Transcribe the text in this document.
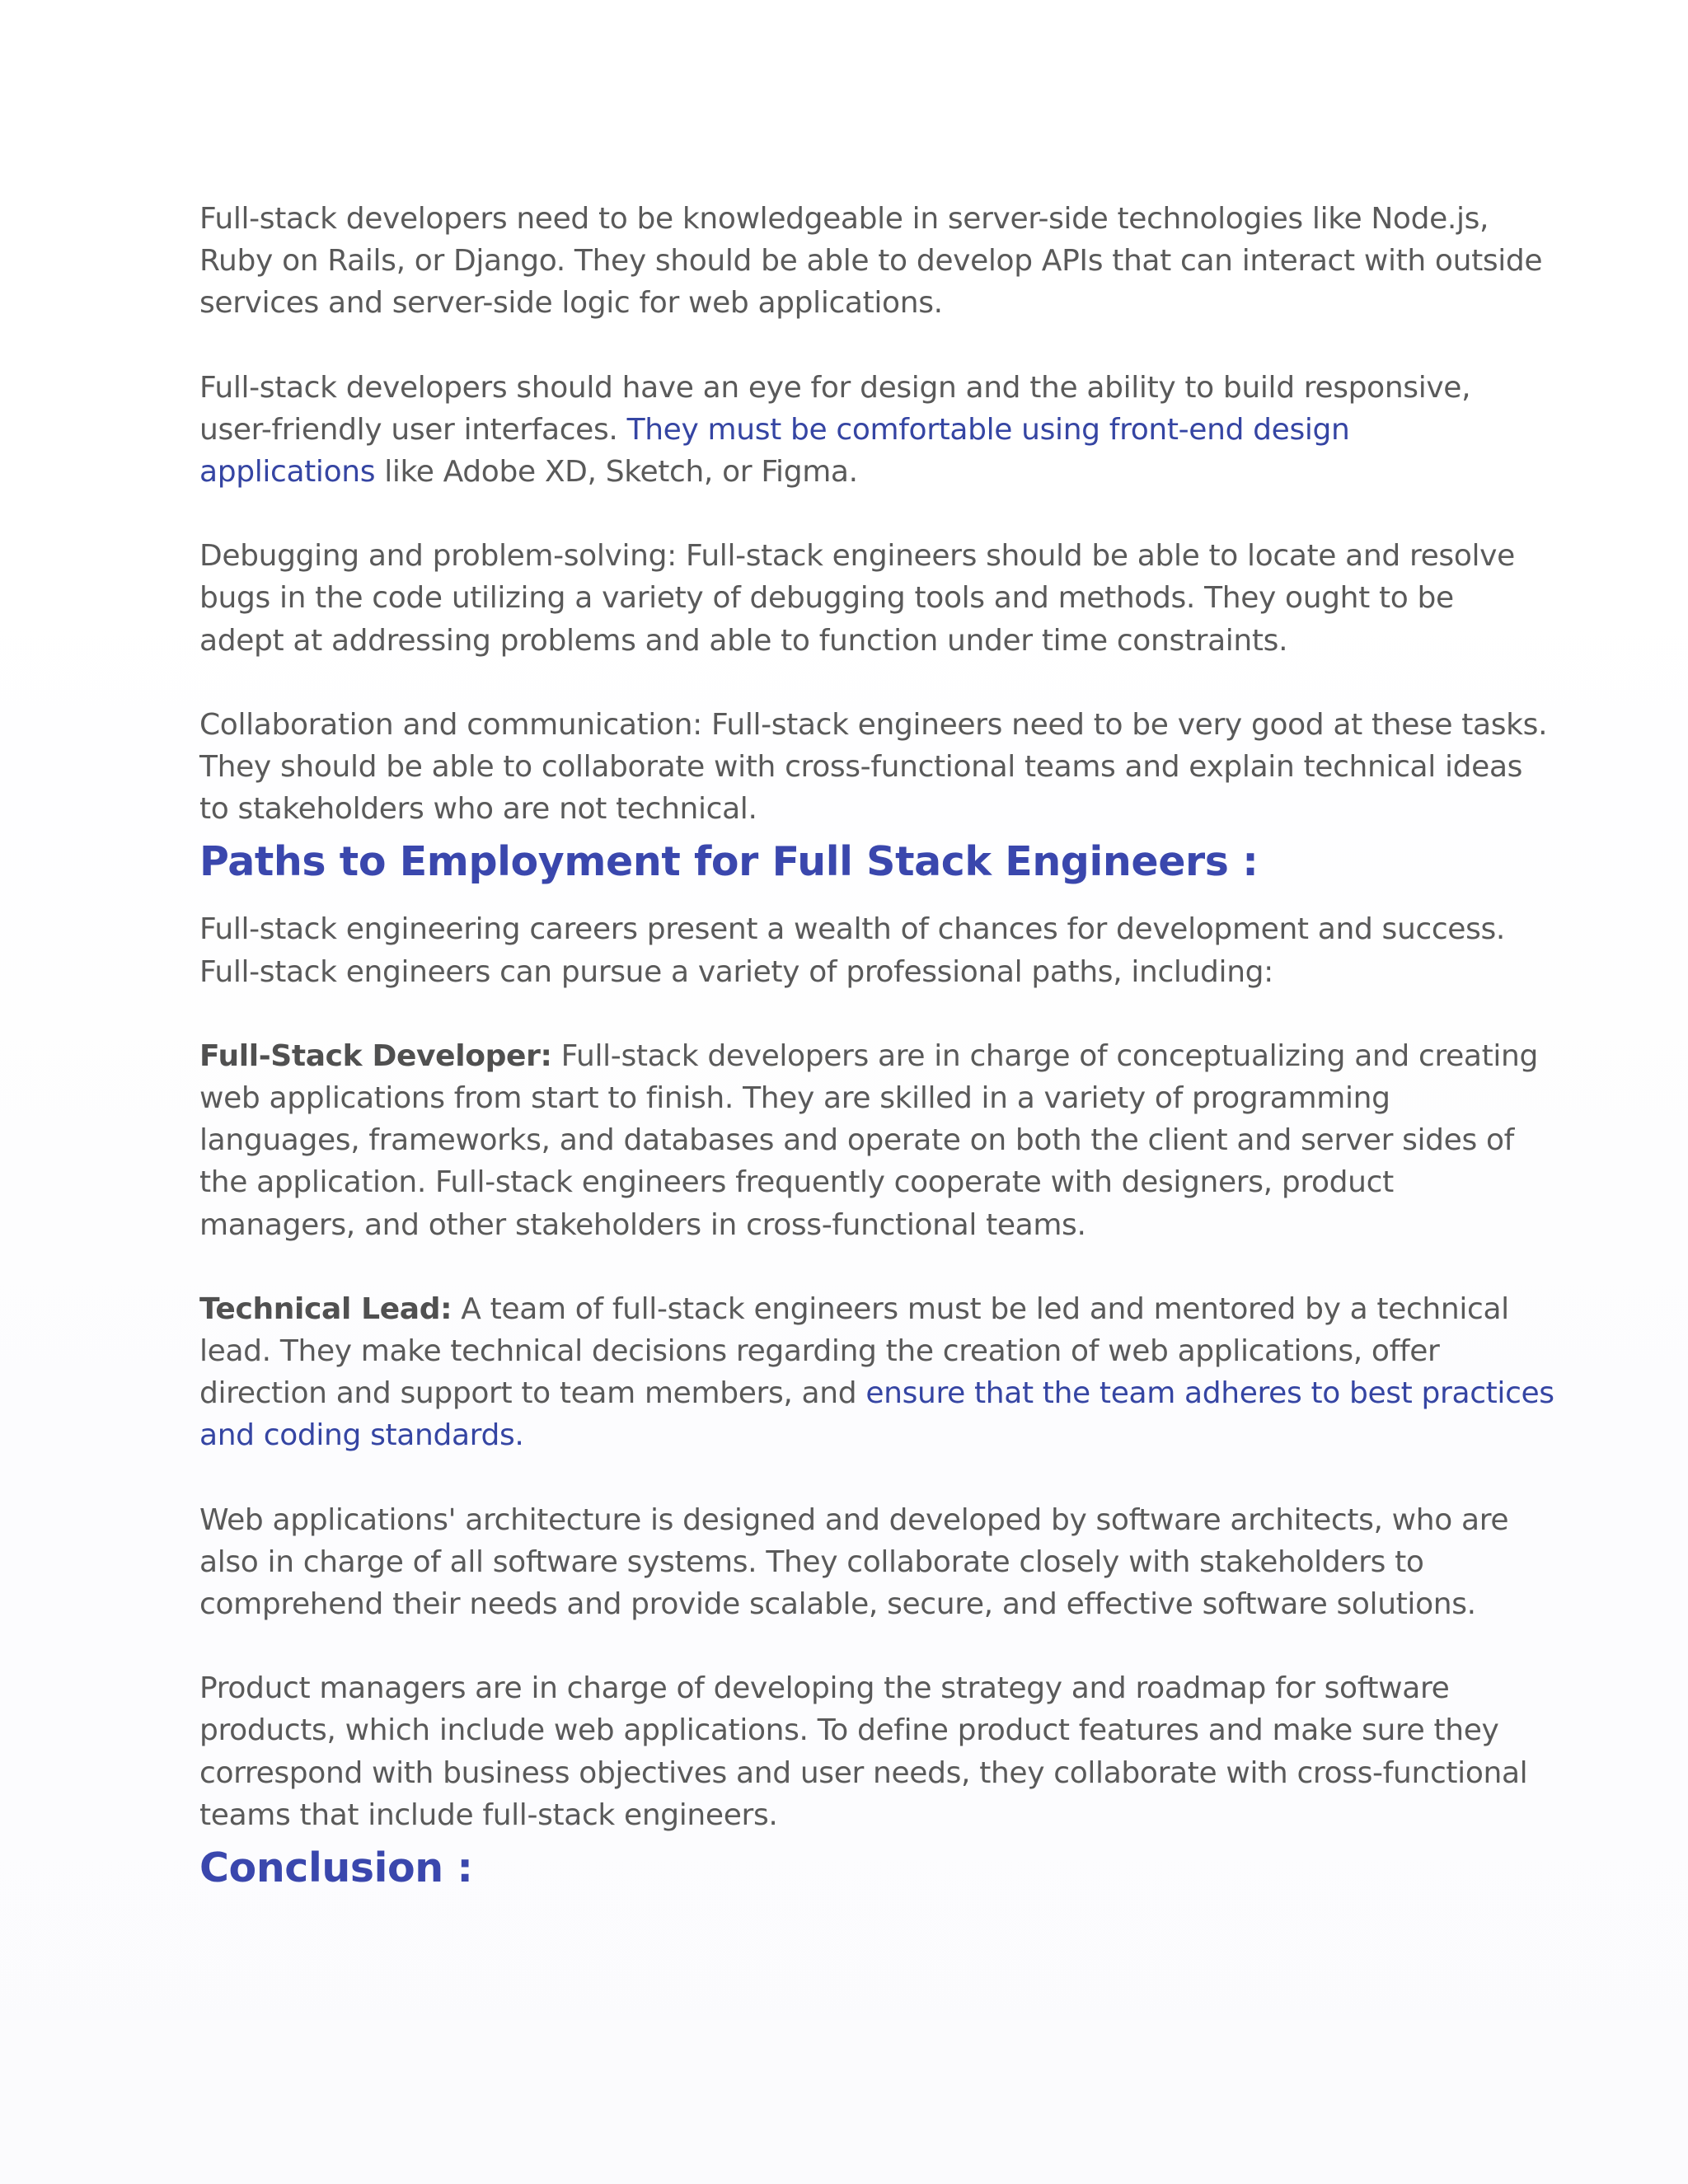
Full-stack developers need to be knowledgeable in server-side technologies like Node.js,
Ruby on Rails, or Django. They should be able to develop APIs that can interact with outside
services and server-side logic for web applications.

Full-stack developers should have an eye for design and the ability to build responsive,
user-friendly user interfaces. They must be comfortable using front-end design
applications like Adobe XD, Sketch, or Figma.

Debugging and problem-solving: Full-stack engineers should be able to locate and resolve
bugs in the code utilizing a variety of debugging tools and methods. They ought to be
adept at addressing problems and able to function under time constraints.

Collaboration and communication: Full-stack engineers need to be very good at these tasks.
They should be able to collaborate with cross-functional teams and explain technical ideas
to stakeholders who are not technical.

Paths to Employment for Full Stack Engineers :

Full-stack engineering careers present a wealth of chances for development and success.
Full-stack engineers can pursue a variety of professional paths, including:

Full-Stack Developer: Full-stack developers are in charge of conceptualizing and creating
web applications from start to finish. They are skilled in a variety of programming
languages, frameworks, and databases and operate on both the client and server sides of
the application. Full-stack engineers frequently cooperate with designers, product
managers, and other stakeholders in cross-functional teams.

Technical Lead: A team of full-stack engineers must be led and mentored by a technical
lead. They make technical decisions regarding the creation of web applications, offer
direction and support to team members, and ensure that the team adheres to best practices
and coding standards.

Web applications' architecture is designed and developed by software architects, who are
also in charge of all software systems. They collaborate closely with stakeholders to
comprehend their needs and provide scalable, secure, and effective software solutions.

Product managers are in charge of developing the strategy and roadmap for software
products, which include web applications. To define product features and make sure they
correspond with business objectives and user needs, they collaborate with cross-functional
teams that include full-stack engineers.

Conclusion :
